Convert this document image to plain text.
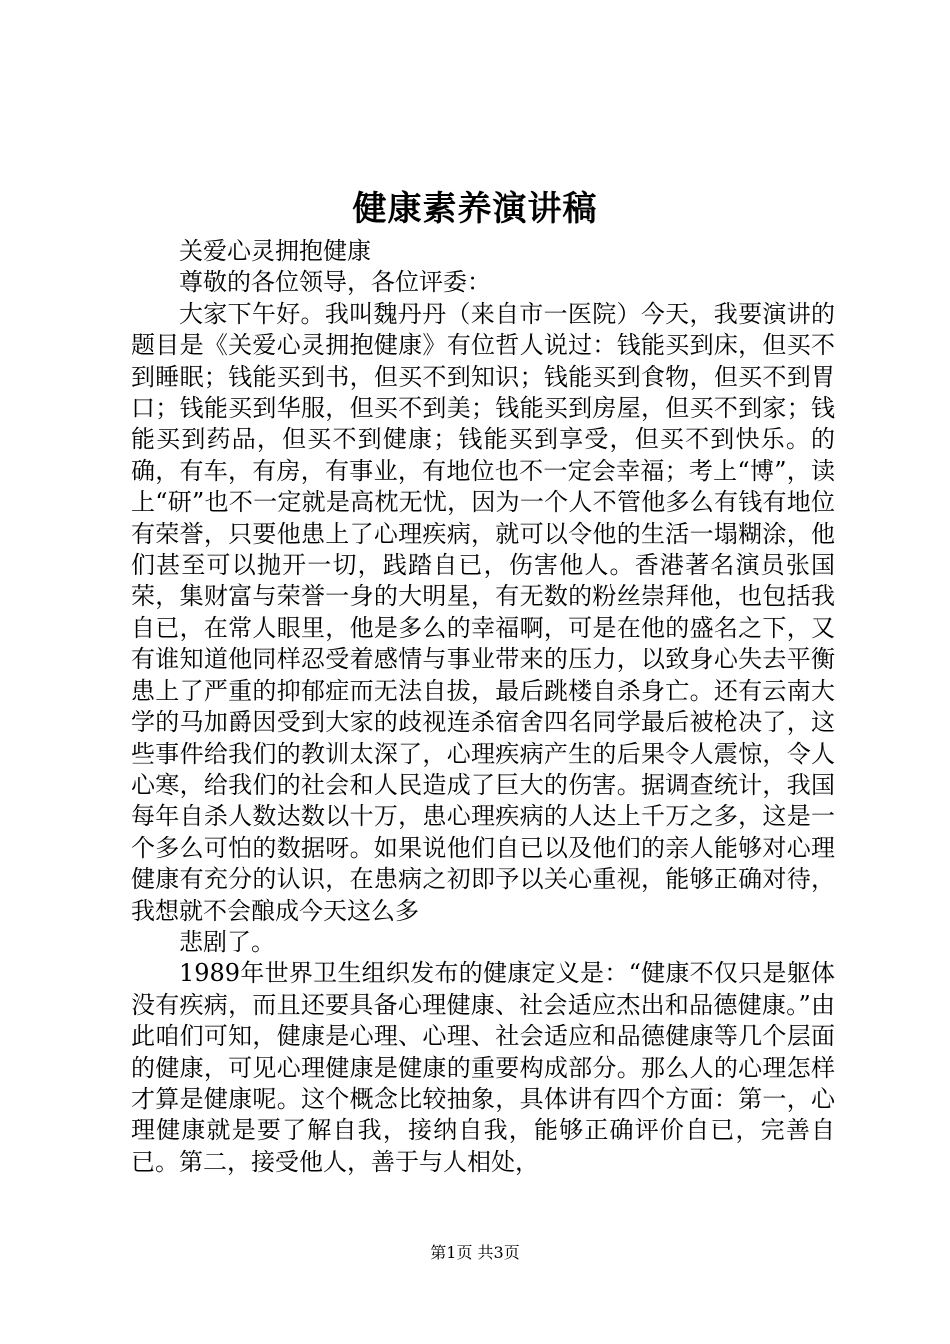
健康素养演讲稿

关爱心灵拥抱健康

尊敬的各位领导，各位评委：

大家下午好。我叫魏丹丹（来自市一医院）今天，我要演讲的题目是《关爱心灵拥抱健康》有位哲人说过：钱能买到床，但买不到睡眠；钱能买到书，但买不到知识；钱能买到食物，但买不到胃口；钱能买到华服，但买不到美；钱能买到房屋，但买不到家；钱能买到药品，但买不到健康；钱能买到享受，但买不到快乐。的确，有车，有房，有事业，有地位也不一定会幸福；考上“博”，读上“研”也不一定就是高枕无忧，因为一个人不管他多么有钱有地位有荣誉，只要他患上了心理疾病，就可以令他的生活一塌糊涂，他们甚至可以抛开一切，践踏自已，伤害他人。香港著名演员张国荣，集财富与荣誉一身的大明星，有无数的粉丝崇拜他，也包括我自已，在常人眼里，他是多么的幸福啊，可是在他的盛名之下，又有谁知道他同样忍受着感情与事业带来的压力，以致身心失去平衡患上了严重的抑郁症而无法自拔，最后跳楼自杀身亡。还有云南大学的马加爵因受到大家的歧视连杀宿舍四名同学最后被枪决了，这些事件给我们的教训太深了，心理疾病产生的后果令人震惊，令人心寒，给我们的社会和人民造成了巨大的伤害。据调查统计，我国每年自杀人数达数以十万，患心理疾病的人达上千万之多，这是一个多么可怕的数据呀。如果说他们自已以及他们的亲人能够对心理健康有充分的认识，在患病之初即予以关心重视，能够正确对待，我想就不会酿成今天这么多

悲剧了。

1989年世界卫生组织发布的健康定义是：“健康不仅只是躯体没有疾病，而且还要具备心理健康、社会适应杰出和品德健康。”由此咱们可知，健康是心理、心理、社会适应和品德健康等几个层面的健康，可见心理健康是健康的重要构成部分。那么人的心理怎样才算是健康呢。这个概念比较抽象，具体讲有四个方面：第一，心理健康就是要了解自我，接纳自我，能够正确评价自已，完善自已。第二，接受他人，善于与人相处，

第1页 共3页
